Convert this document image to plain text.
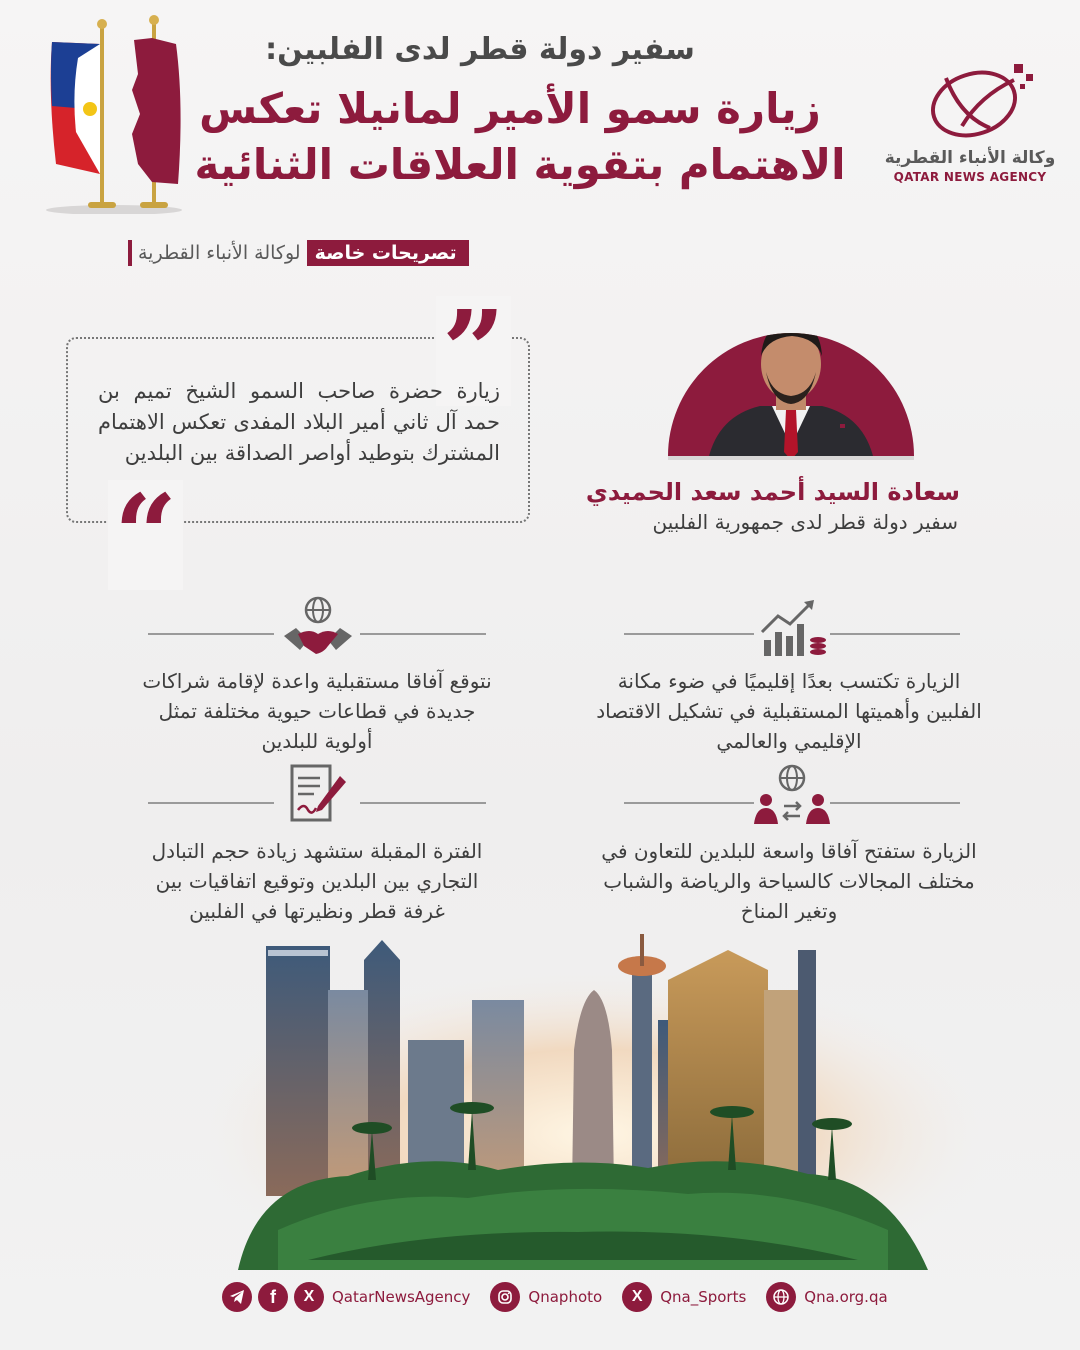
سفير دولة قطر لدى الفلبين:
زيارة سمو الأمير لمانيلا تعكس
الاهتمام بتقوية العلاقات الثنائية وكالة الأنباء القطرية
QATAR NEWS AGENCY
تصريحات خاصة
لوكالة الأنباء القطرية
”
“
زيارة حضرة صاحب السمو الشيخ تميم بن حمد آل ثاني أمير البلاد المفدى تعكس الاهتمام المشترك بتوطيد أواصر الصداقة بين البلدين
سعادة السيد أحمد سعد الحميدي
سفير دولة قطر لدى جمهورية الفلبين
الزيارة تكتسب بعدًا إقليميًا في ضوء مكانة الفلبين وأهميتها المستقبلية في تشكيل الاقتصاد الإقليمي والعالمي
نتوقع آفاقا مستقبلية واعدة لإقامة شراكات جديدة في قطاعات حيوية مختلفة تمثل أولوية للبلدين
الزيارة ستفتح آفاقا واسعة للبلدين للتعاون في مختلف المجالات كالسياحة والرياضة والشباب وتغير المناخ
الفترة المقبلة ستشهد زيادة حجم التبادل التجاري بين البلدين وتوقيع اتفاقيات بين غرفة قطر ونظيرتها في الفلبين
f X QatarNewsAgency	Qnaphoto X Qna_Sports	Qna.org.qa
